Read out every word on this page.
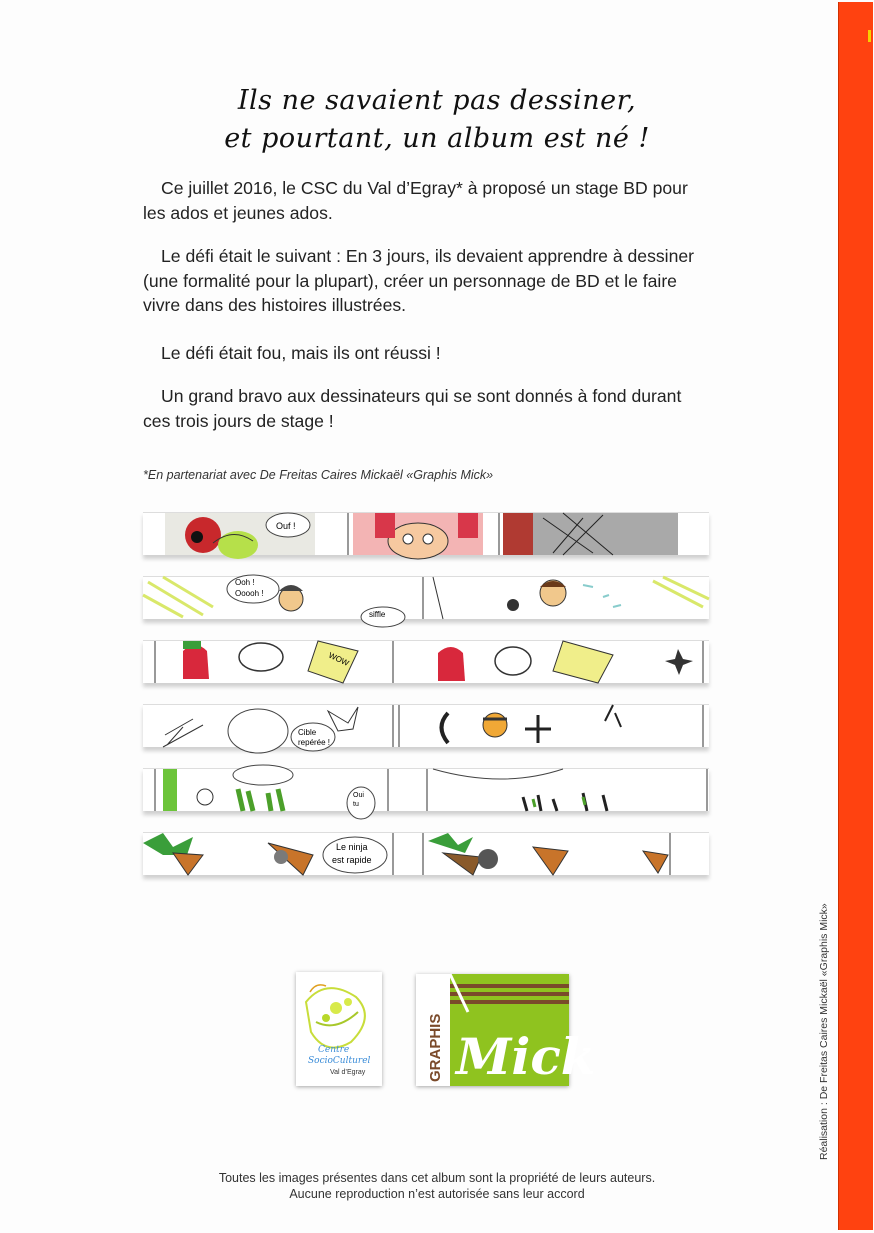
Ils ne savaient pas dessiner,
et pourtant, un album est né !

Ce juillet 2016, le CSC du Val d’Egray* à proposé un stage BD pour les ados et jeunes ados.

Le défi était le suivant : En 3 jours, ils devaient apprendre à dessiner (une formalité pour la plupart), créer un personnage de BD et le faire vivre dans des histoires illustrées.

Le défi était fou, mais ils ont réussi !

Un grand bravo aux dessinateurs qui se sont donnés à fond durant ces trois jours de stage !

*En partenariat avec De Freitas Caires Mickaël «Graphis Mick»

Ouf !
Ooh !
Ooooh !
siffle
WOW
Cible
repérée !
Oui
tu
Le ninja
est rapide
Centre
SocioCulturel
Val d’Egray	GRAPHIS Mick	Réalisation : De Freitas Caires Mickaël «Graphis Mick»

Toutes les images présentes dans cet album sont la propriété de leurs auteurs.

Aucune reproduction n’est autorisée sans leur accord
